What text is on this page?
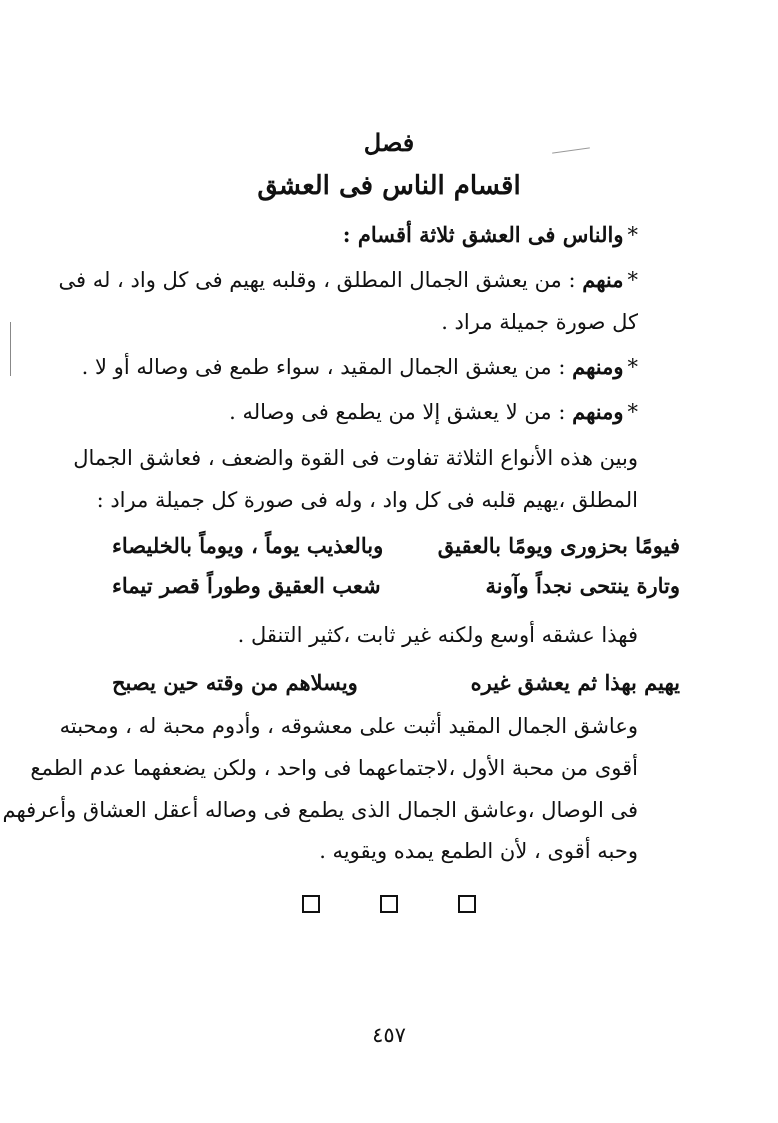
فصل
اقسام الناس فى العشق
*والناس فى العشق ثلاثة أقسام :
*منهم : من يعشق الجمال المطلق ، وقلبه يهيم فى كل واد ، له فى
كل صورة جميلة مراد .
*ومنهم : من يعشق الجمال المقيد ، سواء طمع فى وصاله أو لا .
*ومنهم : من لا يعشق إلا من يطمع فى وصاله .
وبين هذه الأنواع الثلاثة تفاوت فى القوة والضعف ، فعاشق الجمال
المطلق ،يهيم قلبه فى كل واد ، وله فى صورة كل جميلة مراد :
فيومًا بحزورى ويومًا بالعقيق
وبالعذيب يوماً ، ويوماً بالخليصاء
وتارة ينتحى نجداً وآونة
شعب العقيق وطوراً قصر تيماء
فهذا عشقه أوسع ولكنه غير ثابت ،كثير التنقل .
يهيم بهذا ثم يعشق غيره
ويسلاهم من وقته حين يصبح
وعاشق الجمال المقيد أثبت على معشوقه ، وأدوم محبة له ، ومحبته
أقوى من محبة الأول ،لاجتماعهما فى واحد ، ولكن يضعفهما عدم الطمع
فى الوصال ،وعاشق الجمال الذى يطمع فى وصاله أعقل العشاق وأعرفهم
وحبه أقوى ، لأن الطمع يمده ويقويه .
٤٥٧
